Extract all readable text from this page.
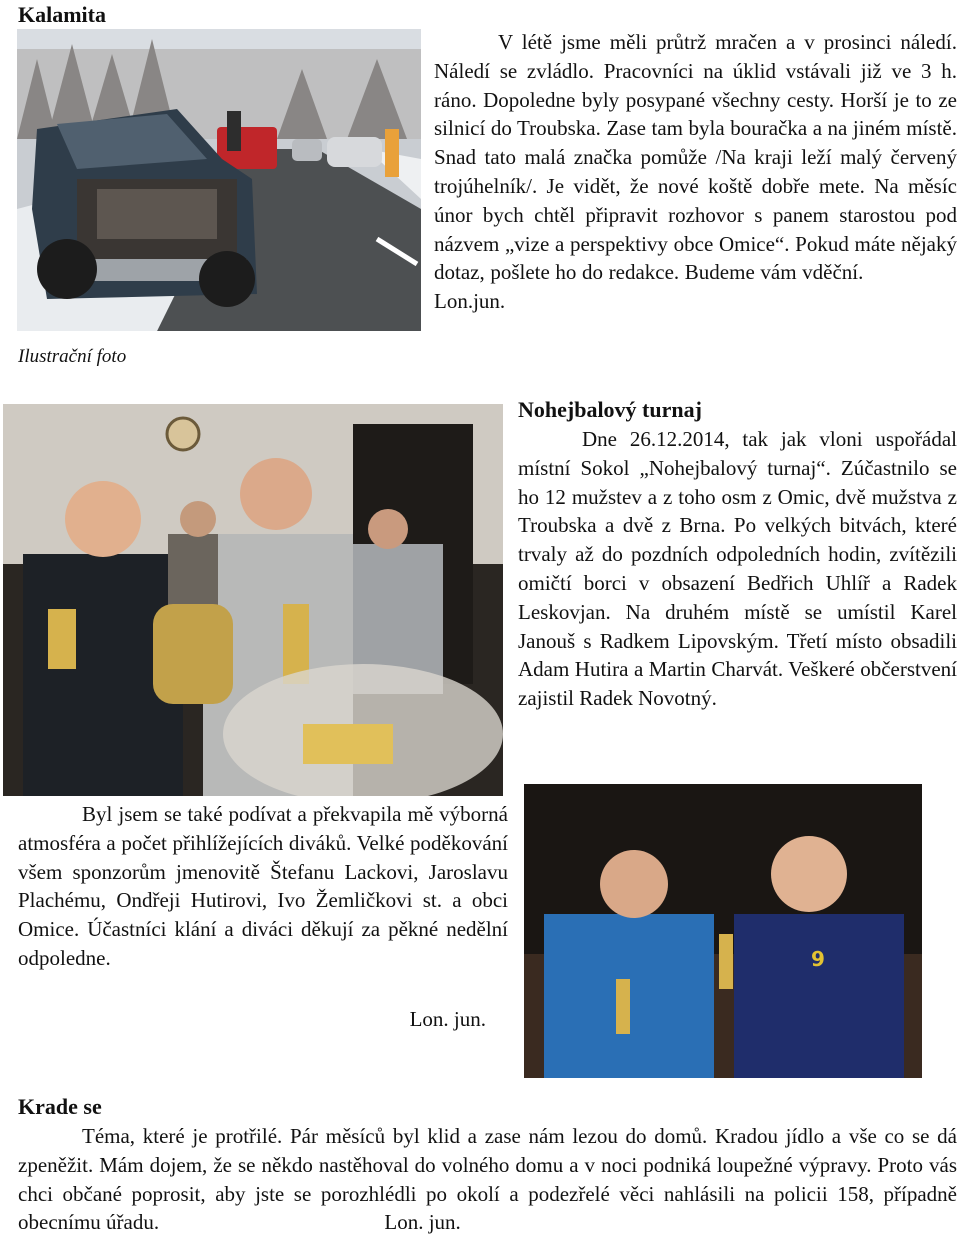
Kalamita
Ilustrační foto
V létě jsme měli průtrž mračen a v prosinci náledí. Náledí se zvládlo. Pracovníci na úklid vstávali již ve 3 h. ráno. Dopoledne byly posypané všechny cesty. Horší je to ze silnicí do Troubska. Zase tam byla bouračka a na jiném místě. Snad tato malá značka pomůže /Na kraji leží malý červený trojúhelník/. Je vidět, že nové koště dobře mete. Na měsíc únor bych chtěl připravit rozhovor s panem starostou pod názvem „vize a perspektivy obce Omice“. Pokud máte nějaký dotaz, pošlete ho do redakce. Budeme vám vděční. Lon.jun.
Nohejbalový turnaj
Dne 26.12.2014, tak jak vloni uspořádal místní Sokol „Nohejbalový turnaj“. Zúčastnilo se ho 12 mužstev a z toho osm z Omic, dvě mužstva z Troubska a dvě z Brna. Po velkých bitvách, které trvaly až do pozdních odpoledních hodin, zvítězili omičtí borci v obsazení Bedřich Uhlíř a Radek Leskovjan. Na druhém místě se umístil Karel Janouš s Radkem Lipovským. Třetí místo obsadili Adam Hutira a Martin Charvát. Veškeré občerstvení zajistil Radek Novotný.
Byl jsem se také podívat a překvapila mě výborná atmosféra a počet přihlížejících diváků. Velké poděkování všem sponzorům jmenovitě Štefanu Lackovi, Jaroslavu Plachému, Ondřeji Hutirovi, Ivo Žemličkovi st. a obci Omice. Účastníci klání a diváci děkují za pěkné nedělní odpoledne.
Lon. jun.
9
Krade se
Téma, které je protřilé. Pár měsíců byl klid a zase nám lezou do domů. Kradou jídlo a vše co se dá zpeněžit. Mám dojem, že se někdo nastěhoval do volného domu a v noci podniká loupežné výpravy. Proto vás chci občané poprosit, aby jste se porozhlédli po okolí a podezřelé věci nahlásili na policii 158, případně obecnímu úřadu.	Lon. jun.
